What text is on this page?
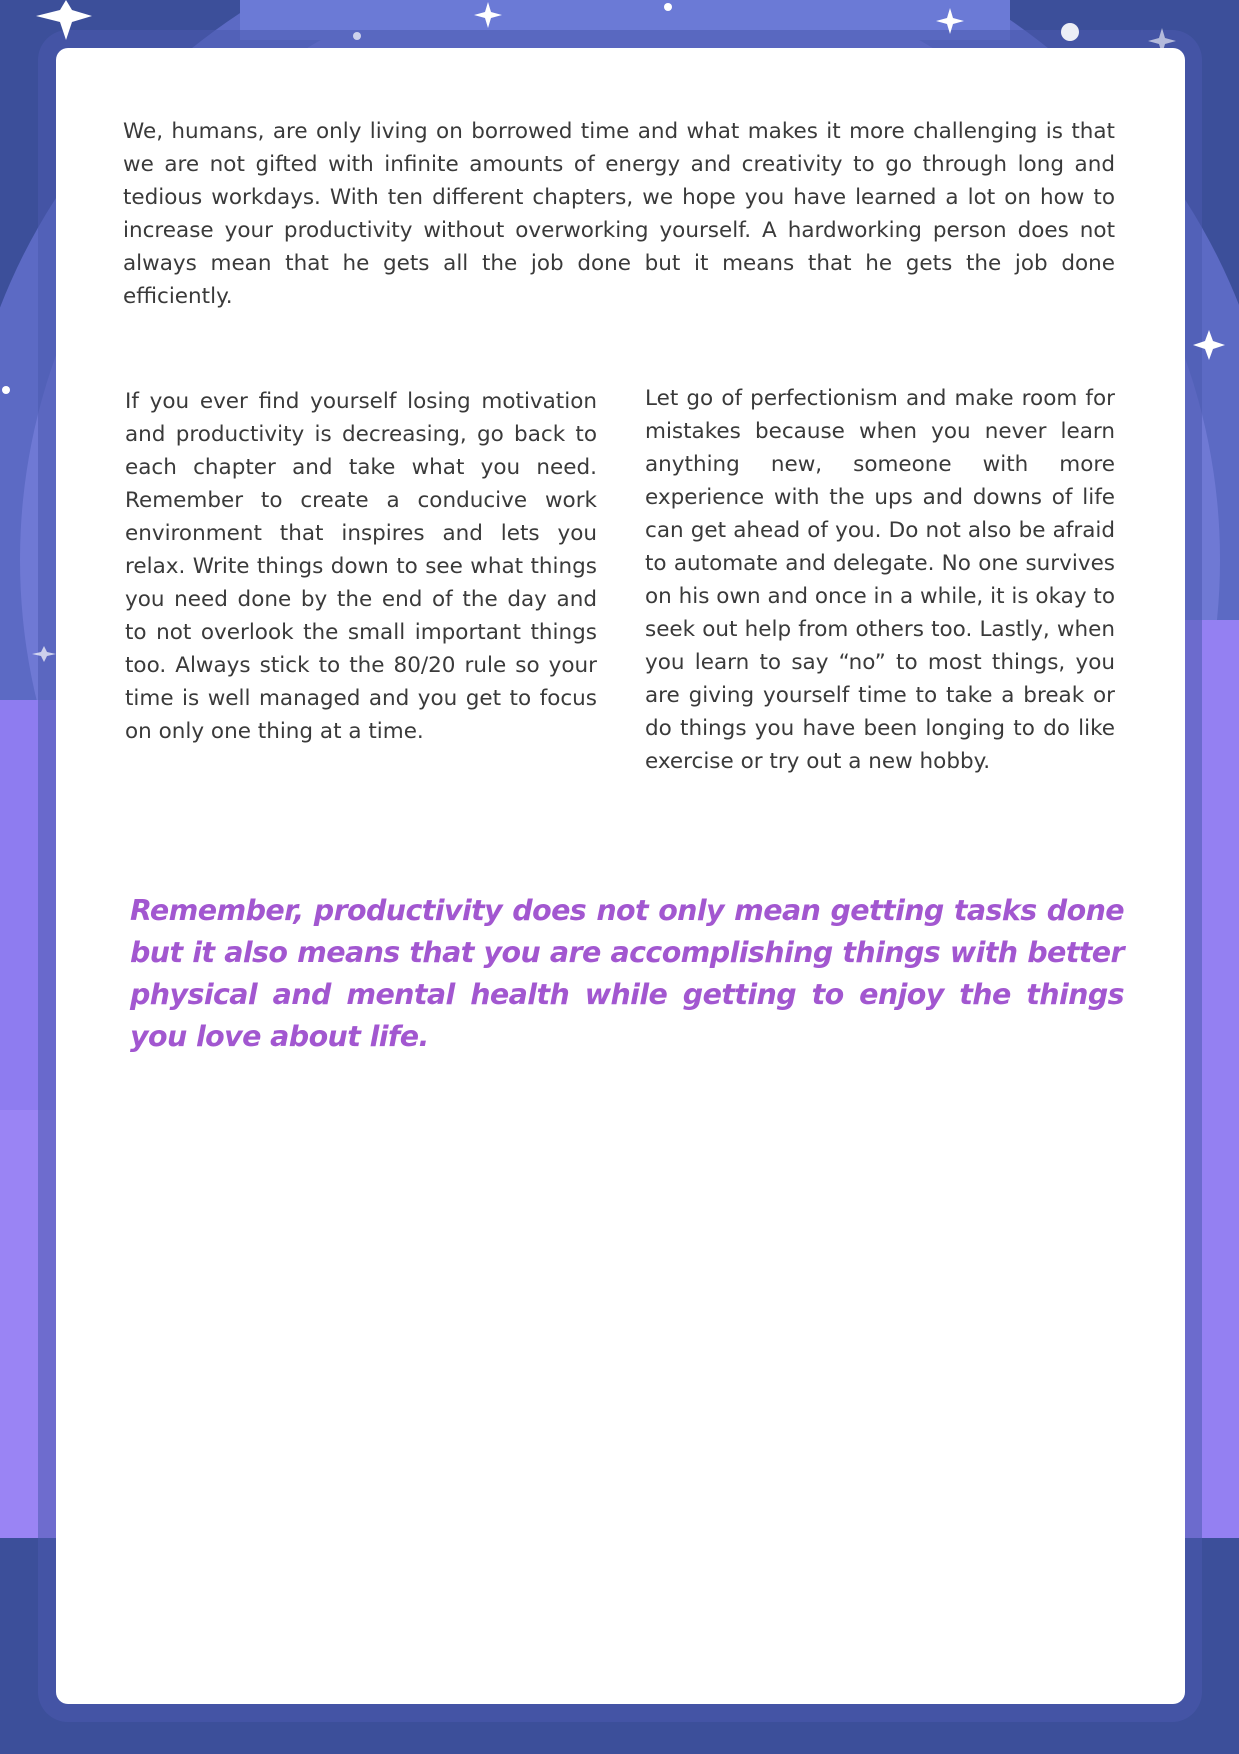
We, humans, are only living on borrowed time and what makes it more challenging is that we are not gifted with infinite amounts of energy and creativity to go through long and tedious workdays. With ten different chapters, we hope you have learned a lot on how to increase your productivity without overworking yourself. A hardworking person does not always mean that he gets all the job done but it means that he gets the job done efficiently.

If you ever find yourself losing motivation and productivity is decreasing, go back to each chapter and take what you need. Remember to create a conducive work environment that inspires and lets you relax. Write things down to see what things you need done by the end of the day and to not overlook the small important things too. Always stick to the 80/20 rule so your time is well managed and you get to focus on only one thing at a time.

Let go of perfectionism and make room for mistakes because when you never learn anything new, someone with more experience with the ups and downs of life can get ahead of you. Do not also be afraid to automate and delegate. No one survives on his own and once in a while, it is okay to seek out help from others too. Lastly, when you learn to say “no” to most things, you are giving yourself time to take a break or do things you have been longing to do like exercise or try out a new hobby.

Remember, productivity does not only mean getting tasks done but it also means that you are accomplishing things with better physical and mental health while getting to enjoy the things you love about life.
